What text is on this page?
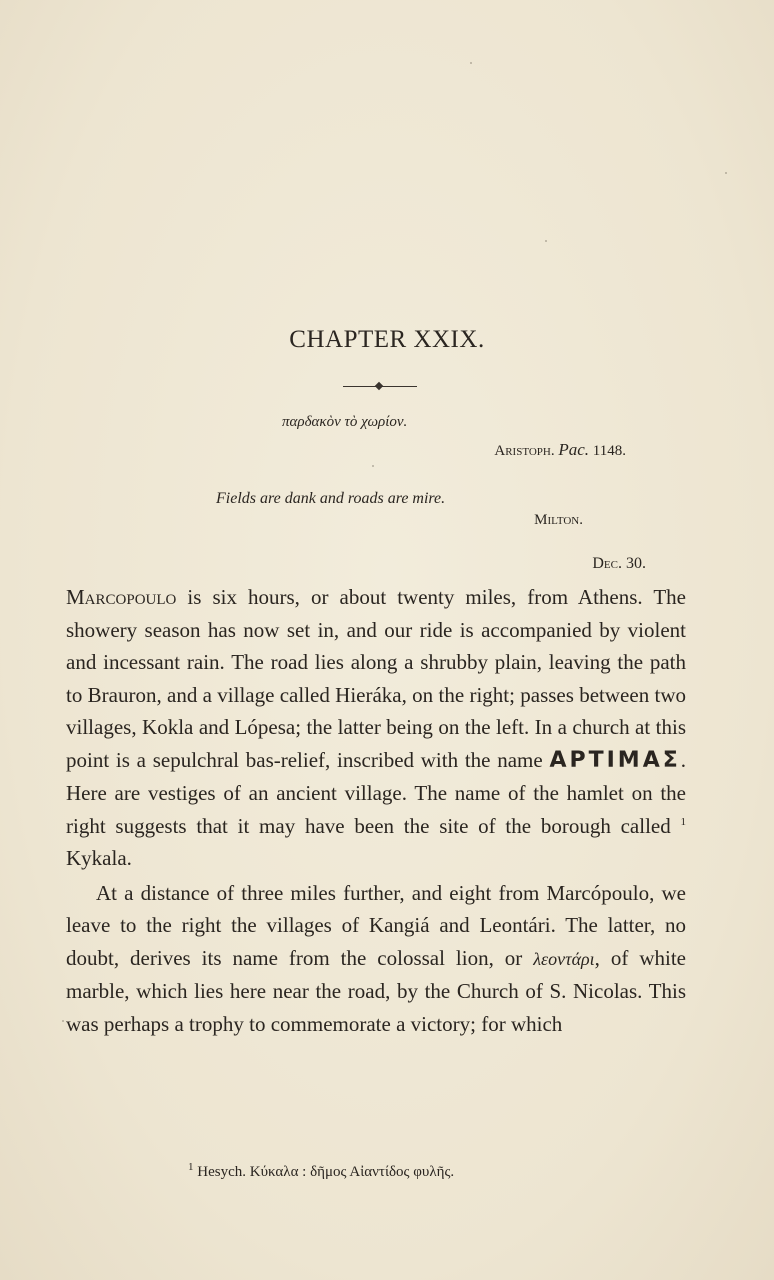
CHAPTER XXIX.
παρδακὸν τὸ χωρίον.
Aristoph. Pac. 1148.
Fields are dank and roads are mire.
Milton.
Dec. 30.

Marcopoulo is six hours, or about twenty miles, from Athens. The showery season has now set in, and our ride is accompanied by violent and incessant rain. The road lies along a shrubby plain, leaving the path to Brauron, and a village called Hieráka, on the right; passes between two villages, Kokla and Lópesa; the latter being on the left. In a church at this point is a sepulchral bas-relief, inscribed with the name ΑΡΤΙΜΑΣ. Here are vestiges of an ancient village. The name of the hamlet on the right suggests that it may have been the site of the borough called $^1$ Kykala.

At a distance of three miles further, and eight from Marcópoulo, we leave to the right the villages of Kangiá and Leontári. The latter, no doubt, derives its name from the colossal lion, or λεοντάρι, of white marble, which lies here near the road, by the Church of S. Nicolas. This was perhaps a trophy to commemorate a victory; for which

$^1$ Hesych. Κύκαλα : δῆμος Αἰαντίδος φυλῆς.
